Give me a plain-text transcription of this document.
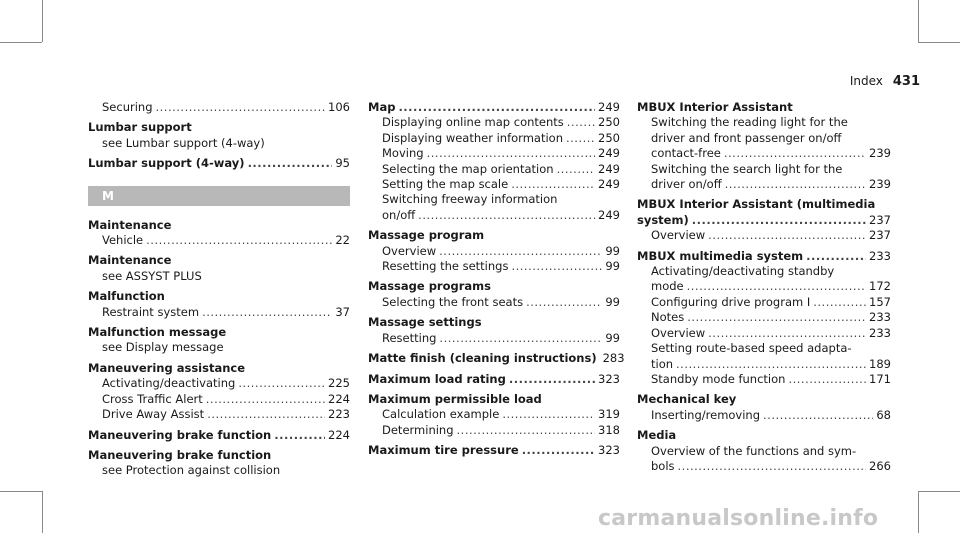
Index 431
Securing .....	106
Lumbar support
see Lumbar support (4-way)
Lumbar support (4-way) .....	95
M
Maintenance
Vehicle .....	22
Maintenance
see ASSYST PLUS
Malfunction
Restraint system .....	37
Malfunction message
see Display message
Maneuvering assistance
Activating/deactivating .....	225
Cross Traffic Alert .....	224
Drive Away Assist .....	223
Maneuvering brake function .....	224
Maneuvering brake function
see Protection against collision
Map .....	249
Displaying online map contents .....	250
Displaying weather information .....	250
Moving .....	249
Selecting the map orientation .....	249
Setting the map scale .....	249
Switching freeway information
on/off .....	249
Massage program
Overview .....	99
Resetting the settings .....	99
Massage programs
Selecting the front seats .....	99
Massage settings
Resetting .....	99
Matte finish (cleaning instructions) 283
Maximum load rating .....	323
Maximum permissible load
Calculation example .....	319
Determining .....	318
Maximum tire pressure .....	323
MBUX Interior Assistant
Switching the reading light for the
driver and front passenger on/off
contact-free .....	239
Switching the search light for the
driver on/off .....	239
MBUX Interior Assistant (multimedia
system) .....	237
Overview .....	237
MBUX multimedia system .....	233
Activating/deactivating standby
mode .....	172
Configuring drive program I .....	157
Notes .....	233
Overview .....	233
Setting route-based speed adapta-
tion .....	189
Standby mode function .....	171
Mechanical key
Inserting/removing .....	68
Media
Overview of the functions and sym-
bols .....	266
carmanualsonline.info
